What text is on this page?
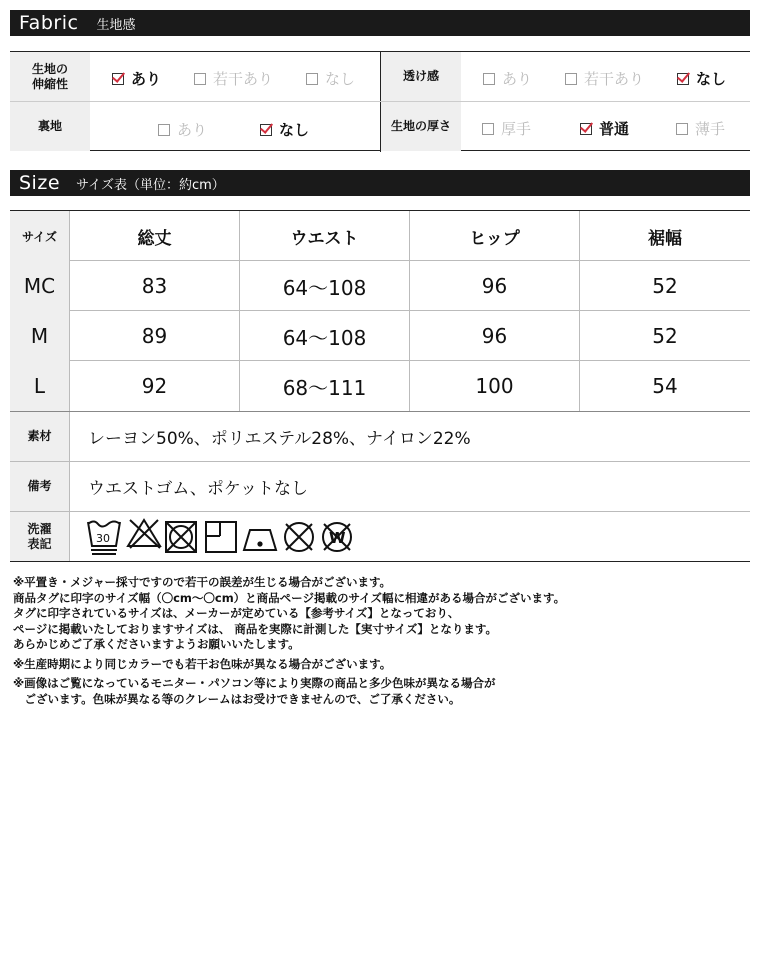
Fabric 生地感
生地の
伸縮性	あり	若干あり	なし	透け感	あり	若干あり	なし
裏地	あり	なし	生地の厚さ	厚手	普通	薄手
Size サイズ表（単位：約cm）
サイズ	総丈	ウエスト	ヒップ	裾幅
MC	83	64〜108	96	52
M	89	64〜108	96	52
L	92	68〜111	100	54
素材	レーヨン50%、ポリエステル28%、ナイロン22%
備考	ウエストゴム、ポケットなし
洗濯
表記	30	W
※平置き・メジャー採寸ですので若干の誤差が生じる場合がございます。
商品タグに印字のサイズ幅（〇cm〜〇cm）と商品ページ掲載のサイズ幅に相違がある場合がございます。
タグに印字されているサイズは、メーカーが定めている【参考サイズ】となっており、
ページに掲載いたしておりますサイズは、 商品を実際に計測した【実寸サイズ】となります。
あらかじめご了承くださいますようお願いいたします。
※生産時期により同じカラーでも若干お色味が異なる場合がございます。
※画像はご覧になっているモニター・パソコン等により実際の商品と多少色味が異なる場合が
　ございます。色味が異なる等のクレームはお受けできませんので、ご了承ください。
